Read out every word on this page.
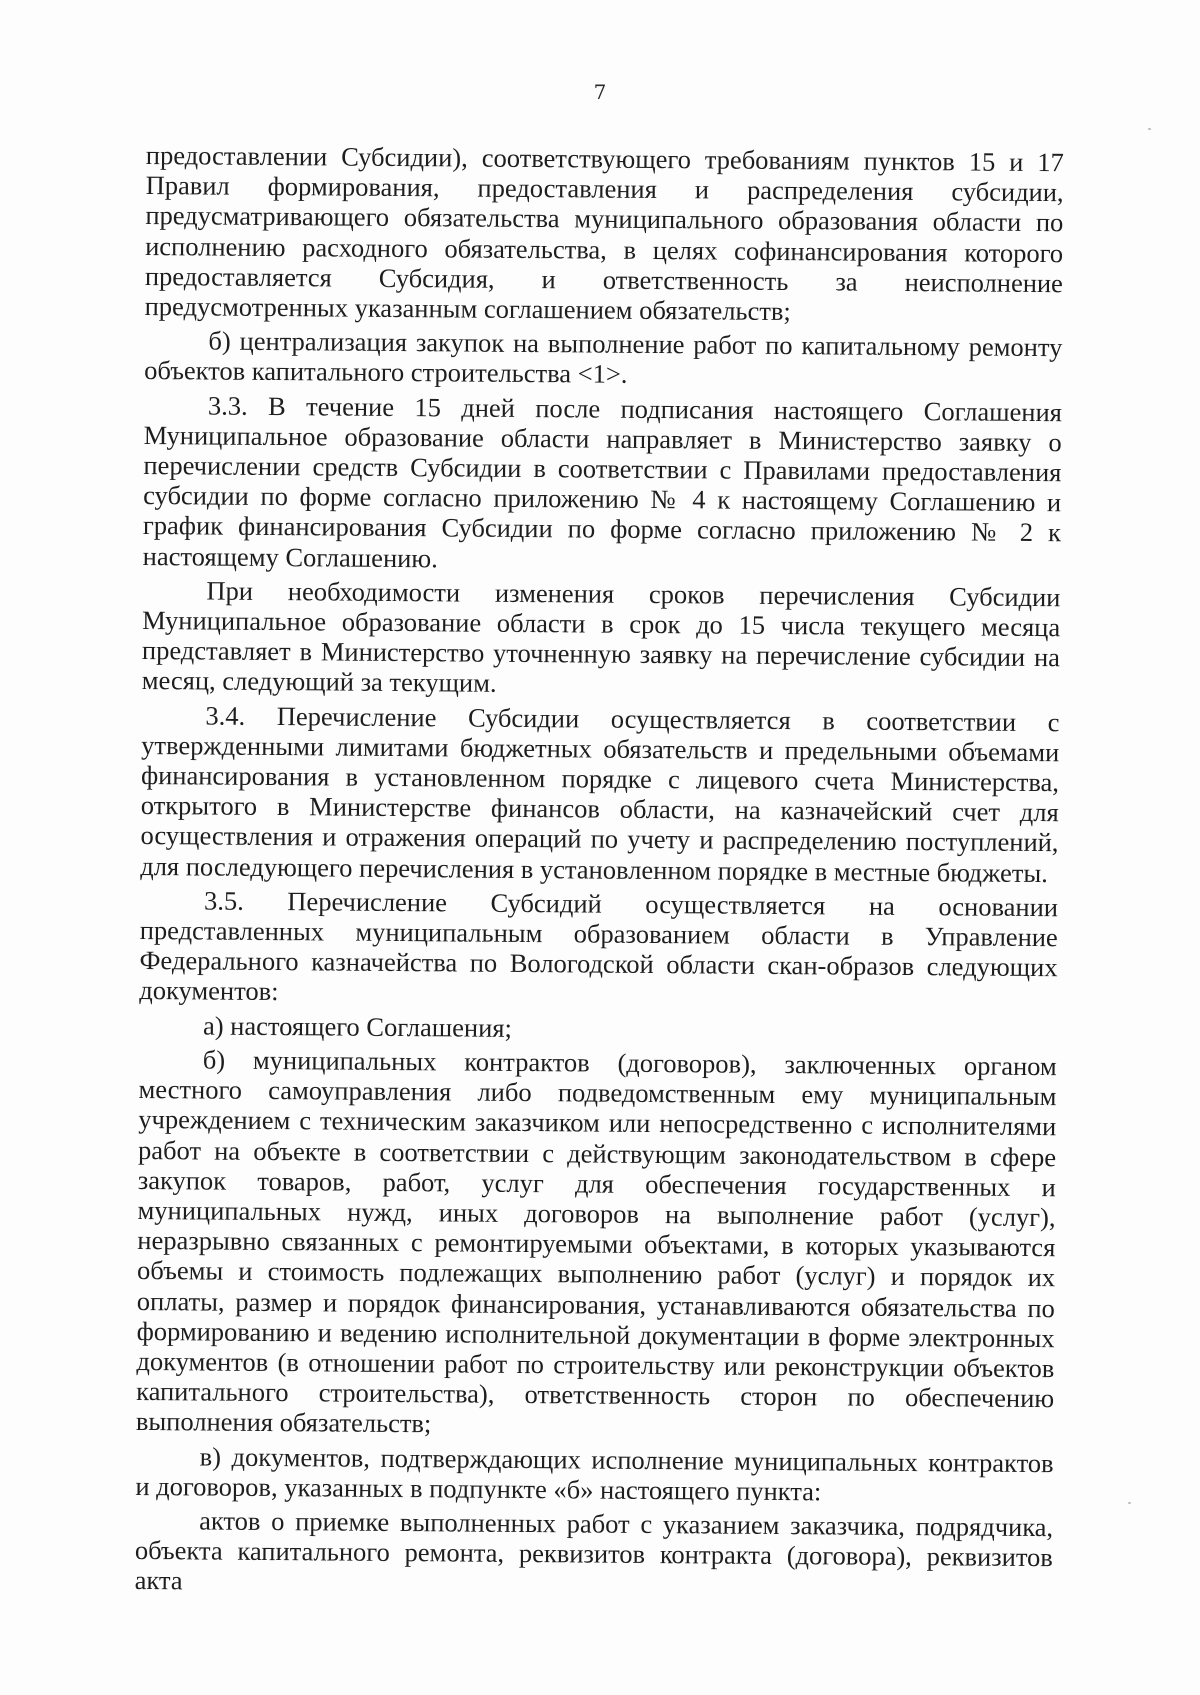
7

предоставлении Субсидии), соответствующего требованиям пунктов 15 и 17 Правил формирования, предоставления и распределения субсидии, предусматривающего обязательства муниципального образования области по исполнению расходного обязательства, в целях софинансирования которого предоставляется Субсидия, и ответственность за неисполнение предусмотренных указанным соглашением обязательств;

б) централизация закупок на выполнение работ по капитальному ремонту объектов капитального строительства <1>.

3.3. В течение 15 дней после подписания настоящего Соглашения Муниципальное образование области направляет в Министерство заявку о перечислении средств Субсидии в соответствии с Правилами предоставления субсидии по форме согласно приложению № 4 к настоящему Соглашению и график финансирования Субсидии по форме согласно приложению № 2 к настоящему Соглашению.

При необходимости изменения сроков перечисления Субсидии Муниципальное образование области в срок до 15 числа текущего месяца представляет в Министерство уточненную заявку на перечисление субсидии на месяц, следующий за текущим.

3.4. Перечисление Субсидии осуществляется в соответствии с утвержденными лимитами бюджетных обязательств и предельными объемами финансирования в установленном порядке с лицевого счета Министерства, открытого в Министерстве финансов области, на казначейский счет для осуществления и отражения операций по учету и распределению поступлений, для последующего перечисления в установленном порядке в местные бюджеты.

3.5. Перечисление Субсидий осуществляется на основании представленных муниципальным образованием области в Управление Федерального казначейства по Вологодской области скан-образов следующих документов:

а) настоящего Соглашения;

б) муниципальных контрактов (договоров), заключенных органом местного самоуправления либо подведомственным ему муниципальным учреждением с техническим заказчиком или непосредственно с исполнителями работ на объекте в соответствии с действующим законодательством в сфере закупок товаров, работ, услуг для обеспечения государственных и муниципальных нужд, иных договоров на выполнение работ (услуг), неразрывно связанных с ремонтируемыми объектами, в которых указываются объемы и стоимость подлежащих выполнению работ (услуг) и порядок их оплаты, размер и порядок финансирования, устанавливаются обязательства по формированию и ведению исполнительной документации в форме электронных документов (в отношении работ по строительству или реконструкции объектов капитального строительства), ответственность сторон по обеспечению выполнения обязательств;

в) документов, подтверждающих исполнение муниципальных контрактов и договоров, указанных в подпункте «б» настоящего пункта:

актов о приемке выполненных работ с указанием заказчика, подрядчика, объекта капитального ремонта, реквизитов контракта (договора), реквизитов акта
